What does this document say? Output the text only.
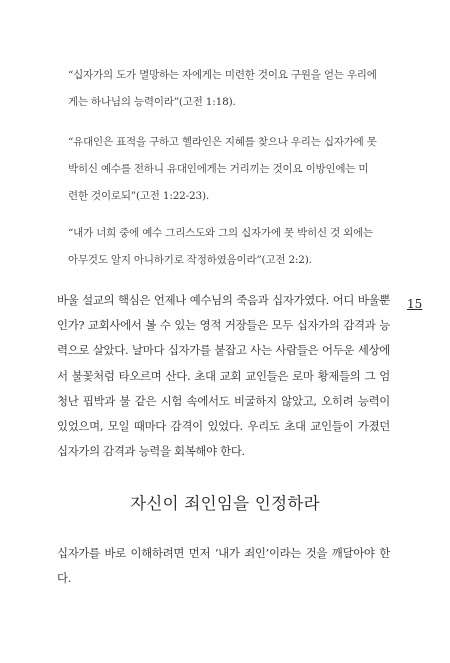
“십자가의 도가 멸망하는 자에게는 미련한 것이요 구원을 얻는 우리에게는 하나님의 능력이라”(고전 1:18).

“유대인은 표적을 구하고 헬라인은 지혜를 찾으나 우리는 십자가에 못 박히신 예수를 전하니 유대인에게는 거리끼는 것이요 이방인에는 미련한 것이로되”(고전 1:22-23).

“내가 너희 중에 예수 그리스도와 그의 십자가에 못 박히신 것 외에는 아무것도 알지 아니하기로 작정하였음이라”(고전 2:2).

바울 설교의 핵심은 언제나 예수님의 죽음과 십자가였다. 어디 바울뿐인가? 교회사에서 볼 수 있는 영적 거장들은 모두 십자가의 감격과 능력으로 살았다. 날마다 십자가를 붙잡고 사는 사람들은 어두운 세상에서 불꽃처럼 타오르며 산다. 초대 교회 교인들은 로마 황제들의 그 엄청난 핍박과 불 같은 시험 속에서도 비굴하지 않았고, 오히려 능력이 있었으며, 모일 때마다 감격이 있었다. 우리도 초대 교인들이 가졌던 십자가의 감격과 능력을 회복해야 한다.

15
자신이 죄인임을 인정하라

십자가를 바로 이해하려면 먼저 ‘내가 죄인’이라는 것을 깨달아야 한다.
